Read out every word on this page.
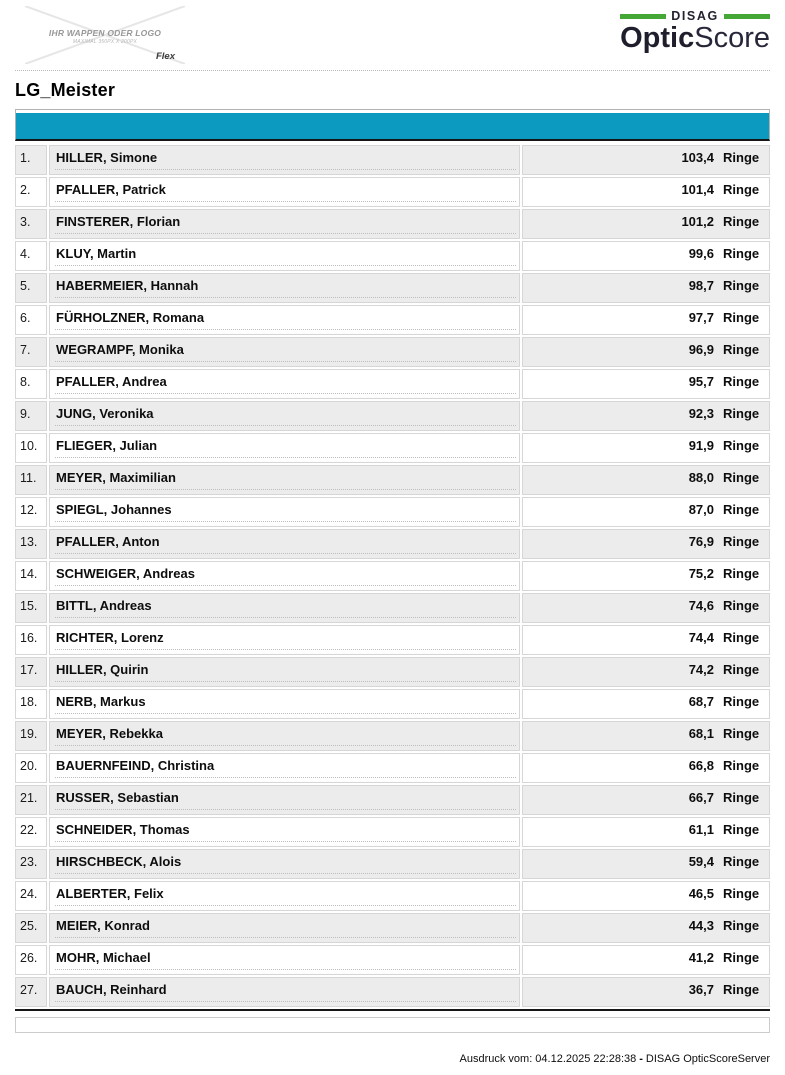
IHR WAPPEN ODER LOGO
MAXIMAL 350PX X 200PX
Flex
DISAG
OpticScore
LG_Meister
1.	HILLER, Simone	103,4 Ringe
2.	PFALLER, Patrick	101,4 Ringe
3.	FINSTERER, Florian	101,2 Ringe
4.	KLUY, Martin	99,6 Ringe
5.	HABERMEIER, Hannah	98,7 Ringe
6.	FÜRHOLZNER, Romana	97,7 Ringe
7.	WEGRAMPF, Monika	96,9 Ringe
8.	PFALLER, Andrea	95,7 Ringe
9.	JUNG, Veronika	92,3 Ringe
10.	FLIEGER, Julian	91,9 Ringe
11.	MEYER, Maximilian	88,0 Ringe
12.	SPIEGL, Johannes	87,0 Ringe
13.	PFALLER, Anton	76,9 Ringe
14.	SCHWEIGER, Andreas	75,2 Ringe
15.	BITTL, Andreas	74,6 Ringe
16.	RICHTER, Lorenz	74,4 Ringe
17.	HILLER, Quirin	74,2 Ringe
18.	NERB, Markus	68,7 Ringe
19.	MEYER, Rebekka	68,1 Ringe
20.	BAUERNFEIND, Christina	66,8 Ringe
21.	RUSSER, Sebastian	66,7 Ringe
22.	SCHNEIDER, Thomas	61,1 Ringe
23.	HIRSCHBECK, Alois	59,4 Ringe
24.	ALBERTER, Felix	46,5 Ringe
25.	MEIER, Konrad	44,3 Ringe
26.	MOHR, Michael	41,2 Ringe
27.	BAUCH, Reinhard	36,7 Ringe
Ausdruck vom: 04.12.2025 22:28:38 - DISAG OpticScoreServer
